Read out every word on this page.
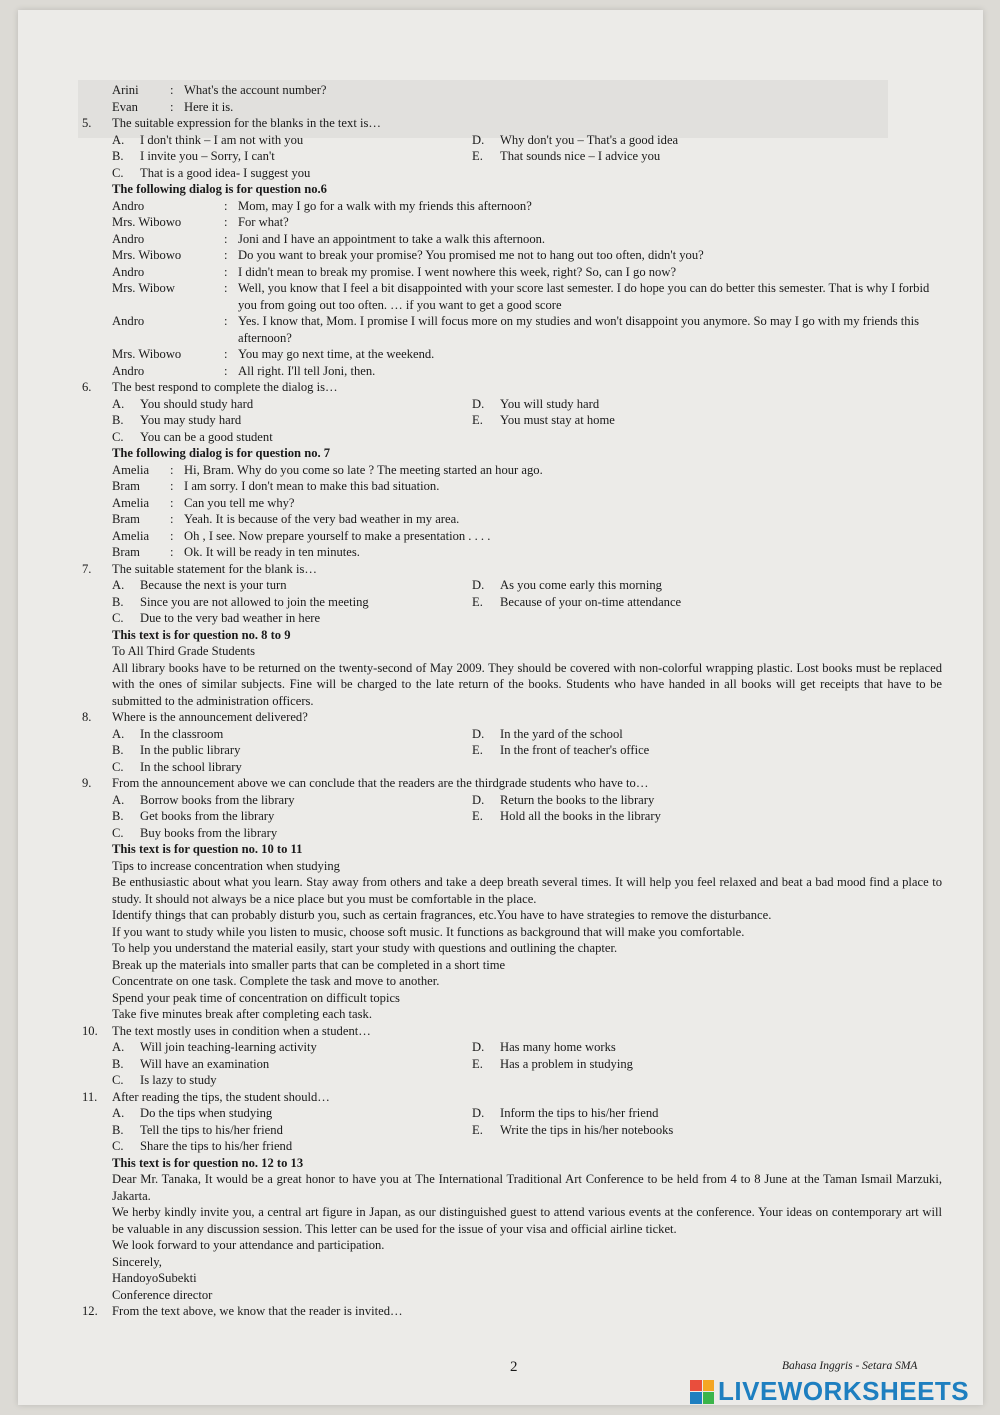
Arini	: What's the account number?
Evan	: Here it is.
5.	The suitable expression for the blanks in the text is…
A.	I don't think – I am not with you	D.	Why don't you – That's a good idea
B.	I invite you – Sorry, I can't	E.	That sounds nice – I advice you
C.	That is a good idea- I suggest you
The following dialog is for question no.6
Andro	: Mom, may I go for a walk with my friends this afternoon?
Mrs. Wibowo	: For what?
Andro	: Joni and I have an appointment to take a walk this afternoon.
Mrs. Wibowo	: Do you want to break your promise? You promised me not to hang out too often, didn't you?
Andro	: I didn't mean to break my promise. I went nowhere this week, right? So, can I go now?
Mrs. Wibow	: Well, you know that I feel a bit disappointed with your score last semester. I do hope you can do better this semester. That is why I forbid you from going out too often. … if you want to get a good score
Andro	: Yes. I know that, Mom. I promise I will focus more on my studies and won't disappoint you anymore. So may I go with my friends this afternoon?
Mrs. Wibowo	: You may go next time, at the weekend.
Andro	: All right. I'll tell Joni, then.
6.	The best respond to complete the dialog is…
A.	You should study hard	D.	You will study hard
B.	You may study hard	E.	You must stay at home
C.	You can be a good student
The following dialog is for question no. 7
Amelia	: Hi, Bram. Why do you come so late ? The meeting started an hour ago.
Bram	: I am sorry. I don't mean to make this bad situation.
Amelia	: Can you tell me why?
Bram	: Yeah. It is because of the very bad weather in my area.
Amelia	: Oh , I see. Now prepare yourself to make a presentation . . . .
Bram	: Ok. It will be ready in ten minutes.
7.	The suitable statement for the blank is…
A.	Because the next is your turn	D.	As you come early this morning
B.	Since you are not allowed to join the meeting	E.	Because of your on-time attendance
C.	Due to the very bad weather in here
This text is for question no. 8 to 9
To All Third Grade Students
All library books have to be returned on the twenty-second of May 2009. They should be covered with non-colorful wrapping plastic. Lost books must be replaced with the ones of similar subjects. Fine will be charged to the late return of the books. Students who have handed in all books will get receipts that have to be submitted to the administration officers.
8.	Where is the announcement delivered?
A.	In the classroom	D.	In the yard of the school
B.	In the public library	E.	In the front of teacher's office
C.	In the school library
9.	From the announcement above we can conclude that the readers are the thirdgrade students who have to…
A.	Borrow books from the library	D.	Return the books to the library
B.	Get books from the library	E.	Hold all the books in the library
C.	Buy books from the library
This text is for question no. 10 to 11
Tips to increase concentration when studying
Be enthusiastic about what you learn. Stay away from others and take a deep breath several times. It will help you feel relaxed and beat a bad mood find a place to study. It should not always be a nice place but you must be comfortable in the place.
Identify things that can probably disturb you, such as certain fragrances, etc.You have to have strategies to remove the disturbance.
If you want to study while you listen to music, choose soft music. It functions as background that will make you comfortable.
To help you understand the material easily, start your study with questions and outlining the chapter.
Break up the materials into smaller parts that can be completed in a short time
Concentrate on one task. Complete the task and move to another.
Spend your peak time of concentration on difficult topics
Take five minutes break after completing each task.
10.	The text mostly uses in condition when a student…
A.	Will join teaching-learning activity	D.	Has many home works
B.	Will have an examination	E.	Has a problem in studying
C.	Is lazy to study
11.	After reading the tips, the student should…
A.	Do the tips when studying	D.	Inform the tips to his/her friend
B.	Tell the tips to his/her friend	E.	Write the tips in his/her notebooks
C.	Share the tips to his/her friend
This text is for question no. 12 to 13
Dear Mr. Tanaka, It would be a great honor to have you at The International Traditional Art Conference to be held from 4 to 8 June at the Taman Ismail Marzuki, Jakarta.
We herby kindly invite you, a central art figure in Japan, as our distinguished guest to attend various events at the conference. Your ideas on contemporary art will be valuable in any discussion session. This letter can be used for the issue of your visa and official airline ticket.
We look forward to your attendance and participation.
Sincerely,
HandoyoSubekti
Conference director
12.	From the text above, we know that the reader is invited…
2	Bahasa Inggris - Setara SMA
LIVEWORKSHEETS
